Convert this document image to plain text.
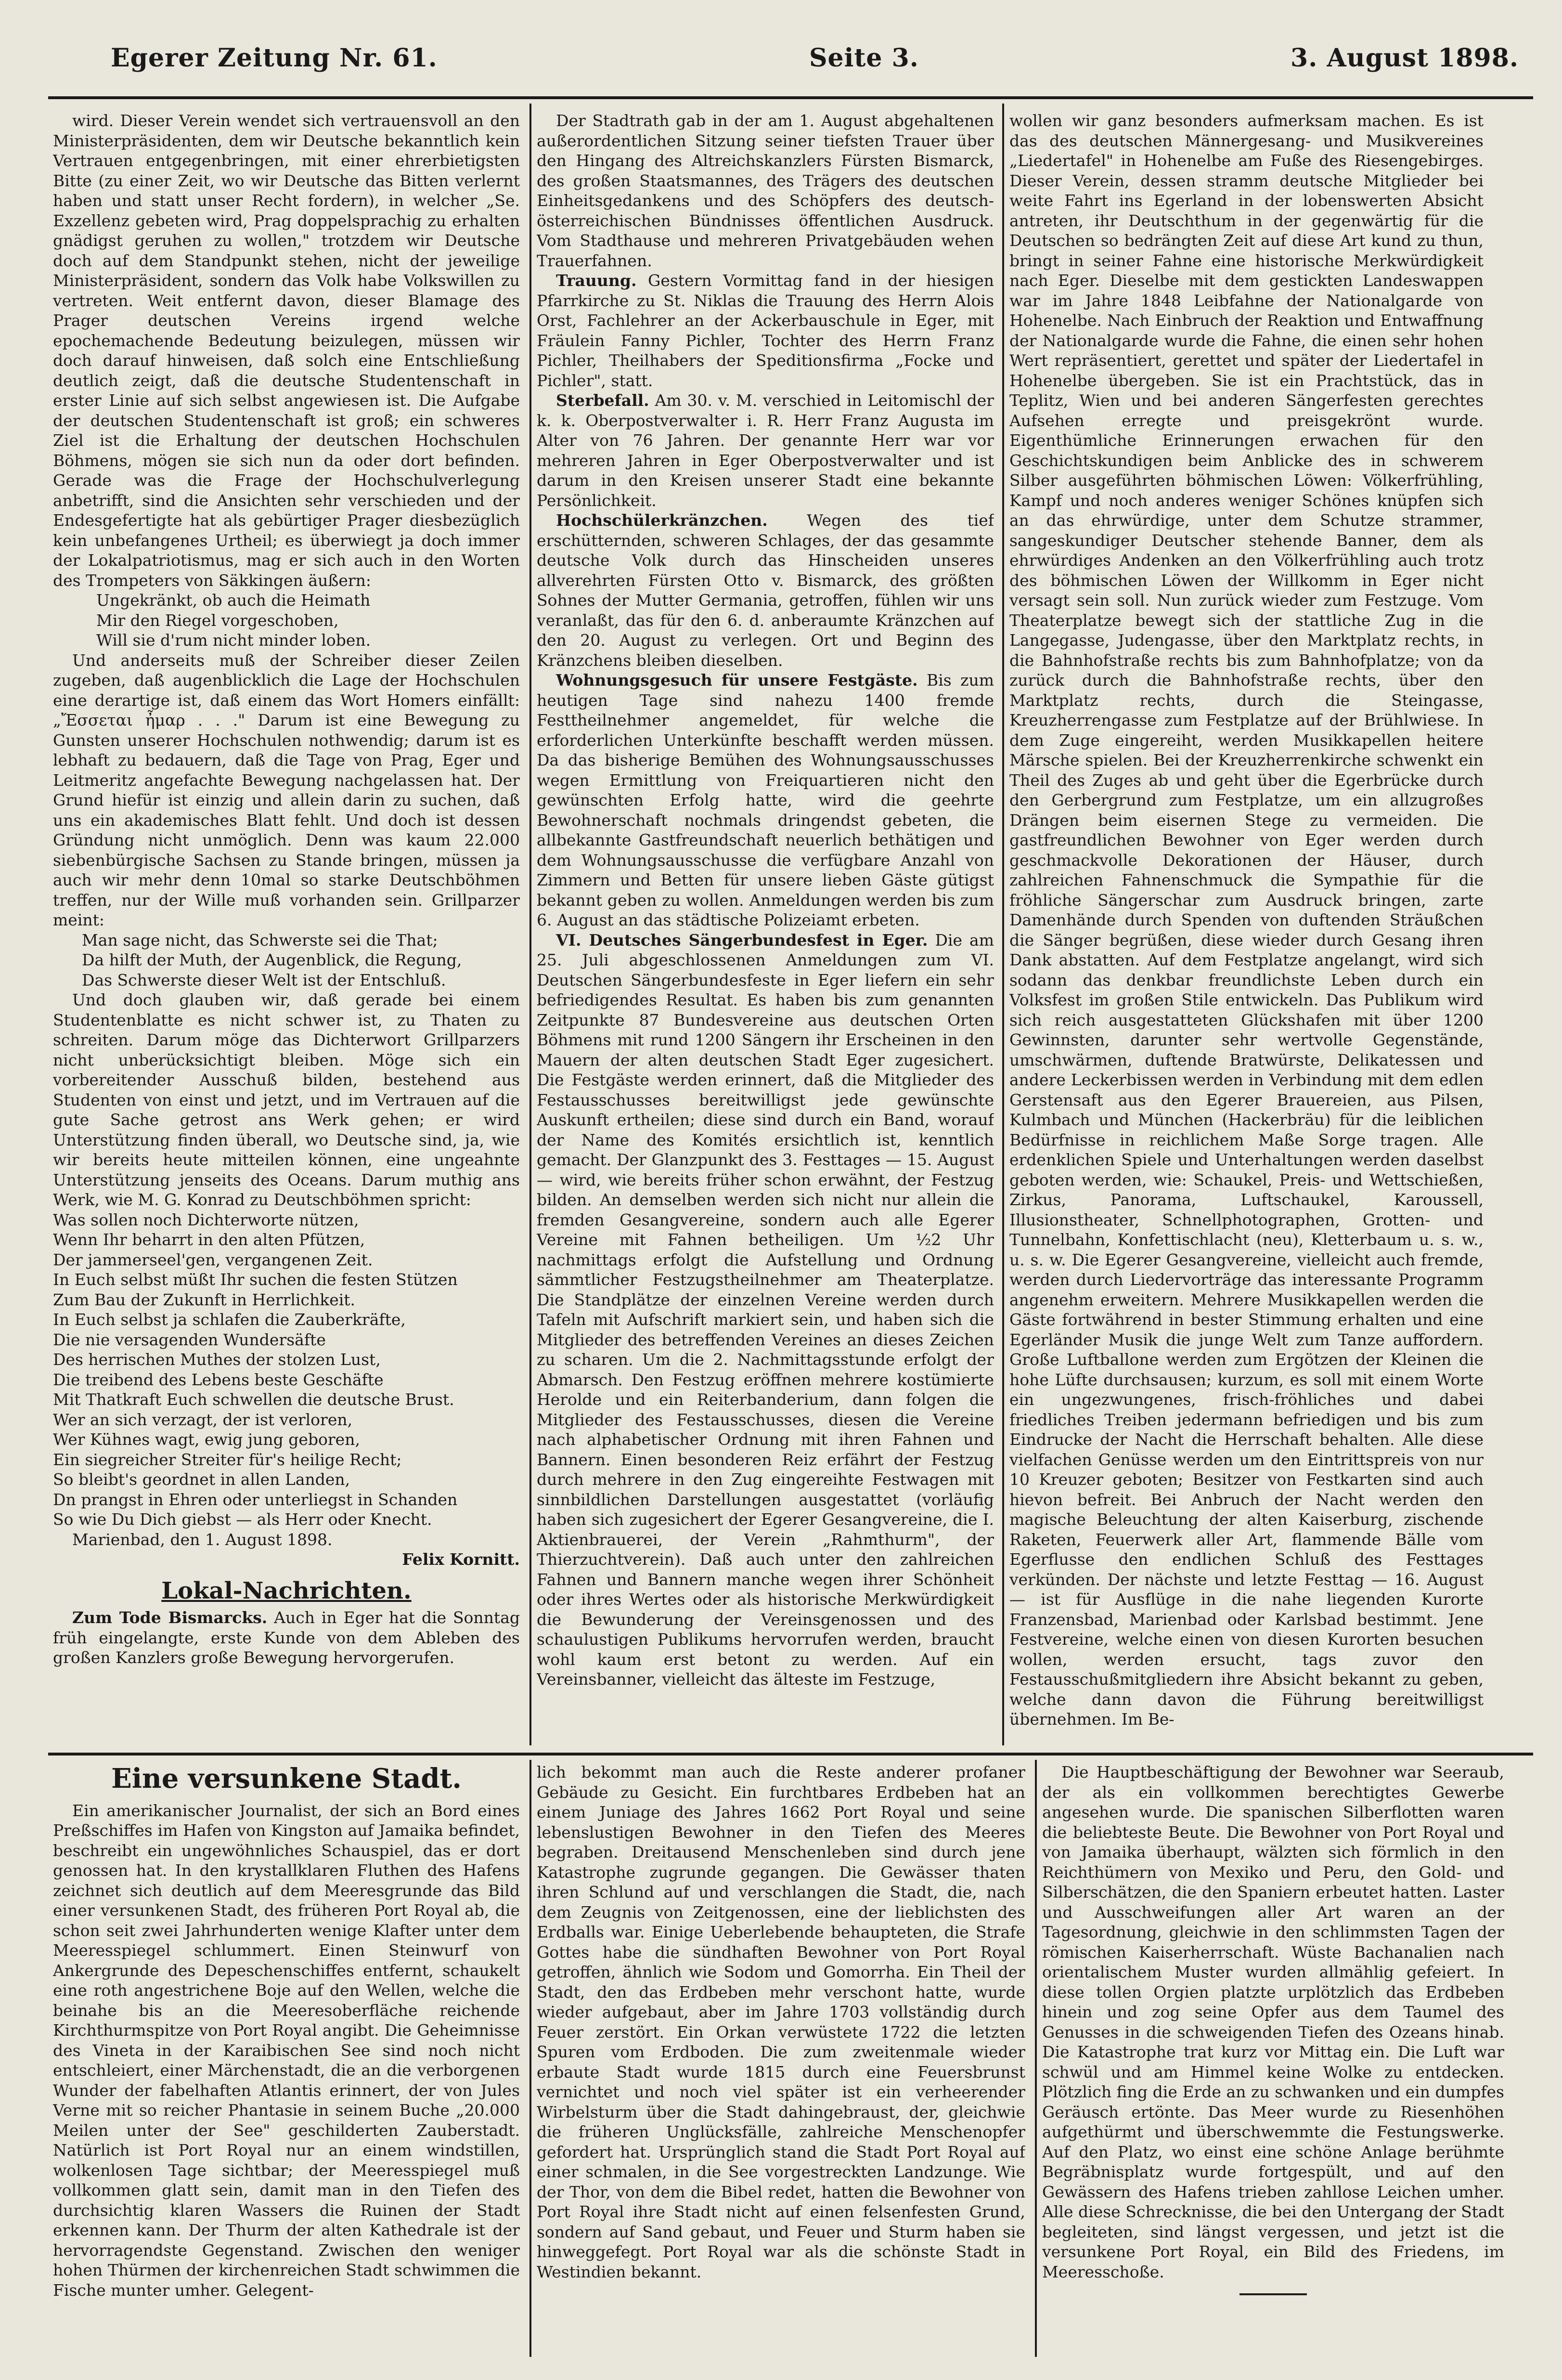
Egerer Zeitung Nr. 61.	Seite 3.	3. August 1898.

wird. Dieser Verein wendet sich vertrauensvoll an den Ministerpräsidenten, dem wir Deutsche bekanntlich kein Vertrauen entgegenbringen, mit einer ehrerbietigsten Bitte (zu einer Zeit, wo wir Deutsche das Bitten verlernt haben und statt unser Recht fordern), in welcher „Se. Exzellenz gebeten wird, Prag doppelsprachig zu erhalten gnädigst geruhen zu wollen," trotzdem wir Deutsche doch auf dem Standpunkt stehen, nicht der jeweilige Ministerpräsident, sondern das Volk habe Volkswillen zu vertreten. Weit entfernt davon, dieser Blamage des Prager deutschen Vereins irgend welche epochemachende Bedeutung beizulegen, müssen wir doch darauf hinweisen, daß solch eine Entschließung deutlich zeigt, daß die deutsche Studentenschaft in erster Linie auf sich selbst angewiesen ist. Die Aufgabe der deutschen Studentenschaft ist groß; ein schweres Ziel ist die Erhaltung der deutschen Hochschulen Böhmens, mögen sie sich nun da oder dort befinden. Gerade was die Frage der Hochschulverlegung anbetrifft, sind die Ansichten sehr verschieden und der Endesgefertigte hat als gebürtiger Prager diesbezüglich kein unbefangenes Urtheil; es überwiegt ja doch immer der Lokalpatriotismus, mag er sich auch in den Worten des Trompeters von Säkkingen äußern:

Ungekränkt, ob auch die Heimath
Mir den Riegel vorgeschoben,
Will sie d'rum nicht minder loben.

Und anderseits muß der Schreiber dieser Zeilen zugeben, daß augenblicklich die Lage der Hochschulen eine derartige ist, daß einem das Wort Homers einfällt: „Ἔσσεται ἦμαρ . . ." Darum ist eine Bewegung zu Gunsten unserer Hochschulen nothwendig; darum ist es lebhaft zu bedauern, daß die Tage von Prag, Eger und Leitmeritz angefachte Bewegung nachgelassen hat. Der Grund hiefür ist einzig und allein darin zu suchen, daß uns ein akademisches Blatt fehlt. Und doch ist dessen Gründung nicht unmöglich. Denn was kaum 22.000 siebenbürgische Sachsen zu Stande bringen, müssen ja auch wir mehr denn 10mal so starke Deutschböhmen treffen, nur der Wille muß vorhanden sein. Grillparzer meint:

Man sage nicht, das Schwerste sei die That;
Da hilft der Muth, der Augenblick, die Regung,
Das Schwerste dieser Welt ist der Entschluß.

Und doch glauben wir, daß gerade bei einem Studentenblatte es nicht schwer ist, zu Thaten zu schreiten. Darum möge das Dichterwort Grillparzers nicht unberücksichtigt bleiben. Möge sich ein vorbereitender Ausschuß bilden, bestehend aus Studenten von einst und jetzt, und im Vertrauen auf die gute Sache getrost ans Werk gehen; er wird Unterstützung finden überall, wo Deutsche sind, ja, wie wir bereits heute mitteilen können, eine ungeahnte Unterstützung jenseits des Oceans. Darum muthig ans Werk, wie M. G. Konrad zu Deutschböhmen spricht:

Was sollen noch Dichterworte nützen,
Wenn Ihr beharrt in den alten Pfützen,
Der jammerseel'gen, vergangenen Zeit.
In Euch selbst müßt Ihr suchen die festen Stützen
Zum Bau der Zukunft in Herrlichkeit.
In Euch selbst ja schlafen die Zauberkräfte,
Die nie versagenden Wundersäfte
Des herrischen Muthes der stolzen Lust,
Die treibend des Lebens beste Geschäfte
Mit Thatkraft Euch schwellen die deutsche Brust.
Wer an sich verzagt, der ist verloren,
Wer Kühnes wagt, ewig jung geboren,
Ein siegreicher Streiter für's heilige Recht;
So bleibt's geordnet in allen Landen,
Dn prangst in Ehren oder unterliegst in Schanden
So wie Du Dich giebst — als Herr oder Knecht.

Marienbad, den 1. August 1898.

Felix Kornitt.

Lokal-Nachrichten.

Zum Tode Bismarcks. Auch in Eger hat die Sonntag früh eingelangte, erste Kunde von dem Ableben des großen Kanzlers große Bewegung hervorgerufen.

Der Stadtrath gab in der am 1. August abgehaltenen außerordentlichen Sitzung seiner tiefsten Trauer über den Hingang des Altreichskanzlers Fürsten Bismarck, des großen Staatsmannes, des Trägers des deutschen Einheitsgedankens und des Schöpfers des deutsch-österreichischen Bündnisses öffentlichen Ausdruck. Vom Stadthause und mehreren Privatgebäuden wehen Trauerfahnen.

Trauung. Gestern Vormittag fand in der hiesigen Pfarrkirche zu St. Niklas die Trauung des Herrn Alois Orst, Fachlehrer an der Ackerbauschule in Eger, mit Fräulein Fanny Pichler, Tochter des Herrn Franz Pichler, Theilhabers der Speditionsfirma „Focke und Pichler", statt.

Sterbefall. Am 30. v. M. verschied in Leitomischl der k. k. Oberpostverwalter i. R. Herr Franz Augusta im Alter von 76 Jahren. Der genannte Herr war vor mehreren Jahren in Eger Oberpostverwalter und ist darum in den Kreisen unserer Stadt eine bekannte Persönlichkeit.

Hochschülerkränzchen. Wegen des tief erschütternden, schweren Schlages, der das gesammte deutsche Volk durch das Hinscheiden unseres allverehrten Fürsten Otto v. Bismarck, des größten Sohnes der Mutter Germania, getroffen, fühlen wir uns veranlaßt, das für den 6. d. anberaumte Kränzchen auf den 20. August zu verlegen. Ort und Beginn des Kränzchens bleiben dieselben.

Wohnungsgesuch für unsere Festgäste. Bis zum heutigen Tage sind nahezu 1400 fremde Festtheilnehmer angemeldet, für welche die erforderlichen Unterkünfte beschafft werden müssen. Da das bisherige Bemühen des Wohnungsausschusses wegen Ermittlung von Freiquartieren nicht den gewünschten Erfolg hatte, wird die geehrte Bewohnerschaft nochmals dringendst gebeten, die allbekannte Gastfreundschaft neuerlich bethätigen und dem Wohnungsausschusse die verfügbare Anzahl von Zimmern und Betten für unsere lieben Gäste gütigst bekannt geben zu wollen. Anmeldungen werden bis zum 6. August an das städtische Polizeiamt erbeten.

VI. Deutsches Sängerbundesfest in Eger. Die am 25. Juli abgeschlossenen Anmeldungen zum VI. Deutschen Sängerbundesfeste in Eger liefern ein sehr befriedigendes Resultat. Es haben bis zum genannten Zeitpunkte 87 Bundesvereine aus deutschen Orten Böhmens mit rund 1200 Sängern ihr Erscheinen in den Mauern der alten deutschen Stadt Eger zugesichert. Die Festgäste werden erinnert, daß die Mitglieder des Festausschusses bereitwilligst jede gewünschte Auskunft ertheilen; diese sind durch ein Band, worauf der Name des Komités ersichtlich ist, kenntlich gemacht. Der Glanzpunkt des 3. Festtages — 15. August — wird, wie bereits früher schon erwähnt, der Festzug bilden. An demselben werden sich nicht nur allein die fremden Gesangvereine, sondern auch alle Egerer Vereine mit Fahnen betheiligen. Um ½2 Uhr nachmittags erfolgt die Aufstellung und Ordnung sämmtlicher Festzugstheilnehmer am Theaterplatze. Die Standplätze der einzelnen Vereine werden durch Tafeln mit Aufschrift markiert sein, und haben sich die Mitglieder des betreffenden Vereines an dieses Zeichen zu scharen. Um die 2. Nachmittagsstunde erfolgt der Abmarsch. Den Festzug eröffnen mehrere kostümierte Herolde und ein Reiterbanderium, dann folgen die Mitglieder des Festausschusses, diesen die Vereine nach alphabetischer Ordnung mit ihren Fahnen und Bannern. Einen besonderen Reiz erfährt der Festzug durch mehrere in den Zug eingereihte Festwagen mit sinnbildlichen Darstellungen ausgestattet (vorläufig haben sich zugesichert der Egerer Gesangvereine, die I. Aktienbrauerei, der Verein „Rahmthurm", der Thierzuchtverein). Daß auch unter den zahlreichen Fahnen und Bannern manche wegen ihrer Schönheit oder ihres Wertes oder als historische Merkwürdigkeit die Bewunderung der Vereinsgenossen und des schaulustigen Publikums hervorrufen werden, braucht wohl kaum erst betont zu werden. Auf ein Vereinsbanner, vielleicht das älteste im Festzuge,

wollen wir ganz besonders aufmerksam machen. Es ist das des deutschen Männergesang- und Musikvereines „Liedertafel" in Hohenelbe am Fuße des Riesengebirges. Dieser Verein, dessen stramm deutsche Mitglieder bei weite Fahrt ins Egerland in der lobenswerten Absicht antreten, ihr Deutschthum in der gegenwärtig für die Deutschen so bedrängten Zeit auf diese Art kund zu thun, bringt in seiner Fahne eine historische Merkwürdigkeit nach Eger. Dieselbe mit dem gestickten Landeswappen war im Jahre 1848 Leibfahne der Nationalgarde von Hohenelbe. Nach Einbruch der Reaktion und Entwaffnung der Nationalgarde wurde die Fahne, die einen sehr hohen Wert repräsentiert, gerettet und später der Liedertafel in Hohenelbe übergeben. Sie ist ein Prachtstück, das in Teplitz, Wien und bei anderen Sängerfesten gerechtes Aufsehen erregte und preisgekrönt wurde. Eigenthümliche Erinnerungen erwachen für den Geschichtskundigen beim Anblicke des in schwerem Silber ausgeführten böhmischen Löwen: Völkerfrühling, Kampf und noch anderes weniger Schönes knüpfen sich an das ehrwürdige, unter dem Schutze strammer, sangeskundiger Deutscher stehende Banner, dem als ehrwürdiges Andenken an den Völkerfrühling auch trotz des böhmischen Löwen der Willkomm in Eger nicht versagt sein soll. Nun zurück wieder zum Festzuge. Vom Theaterplatze bewegt sich der stattliche Zug in die Langegasse, Judengasse, über den Marktplatz rechts, in die Bahnhofstraße rechts bis zum Bahnhofplatze; von da zurück durch die Bahnhofstraße rechts, über den Marktplatz rechts, durch die Steingasse, Kreuzherrengasse zum Festplatze auf der Brühlwiese. In dem Zuge eingereiht, werden Musikkapellen heitere Märsche spielen. Bei der Kreuzherrenkirche schwenkt ein Theil des Zuges ab und geht über die Egerbrücke durch den Gerbergrund zum Festplatze, um ein allzugroßes Drängen beim eisernen Stege zu vermeiden. Die gastfreundlichen Bewohner von Eger werden durch geschmackvolle Dekorationen der Häuser, durch zahlreichen Fahnenschmuck die Sympathie für die fröhliche Sängerschar zum Ausdruck bringen, zarte Damenhände durch Spenden von duftenden Sträußchen die Sänger begrüßen, diese wieder durch Gesang ihren Dank abstatten. Auf dem Festplatze angelangt, wird sich sodann das denkbar freundlichste Leben durch ein Volksfest im großen Stile entwickeln. Das Publikum wird sich reich ausgestatteten Glückshafen mit über 1200 Gewinnsten, darunter sehr wertvolle Gegenstände, umschwärmen, duftende Bratwürste, Delikatessen und andere Leckerbissen werden in Verbindung mit dem edlen Gerstensaft aus den Egerer Brauereien, aus Pilsen, Kulmbach und München (Hackerbräu) für die leiblichen Bedürfnisse in reichlichem Maße Sorge tragen. Alle erdenklichen Spiele und Unterhaltungen werden daselbst geboten werden, wie: Schaukel, Preis- und Wettschießen, Zirkus, Panorama, Luftschaukel, Karoussell, Illusionstheater, Schnellphotographen, Grotten- und Tunnelbahn, Konfettischlacht (neu), Kletterbaum u. s. w., u. s. w. Die Egerer Gesangvereine, vielleicht auch fremde, werden durch Liedervorträge das interessante Programm angenehm erweitern. Mehrere Musikkapellen werden die Gäste fortwährend in bester Stimmung erhalten und eine Egerländer Musik die junge Welt zum Tanze auffordern. Große Luftballone werden zum Ergötzen der Kleinen die hohe Lüfte durchsausen; kurzum, es soll mit einem Worte ein ungezwungenes, frisch-fröhliches und dabei friedliches Treiben jedermann befriedigen und bis zum Eindrucke der Nacht die Herrschaft behalten. Alle diese vielfachen Genüsse werden um den Eintrittspreis von nur 10 Kreuzer geboten; Besitzer von Festkarten sind auch hievon befreit. Bei Anbruch der Nacht werden den magische Beleuchtung der alten Kaiserburg, zischende Raketen, Feuerwerk aller Art, flammende Bälle vom Egerflusse den endlichen Schluß des Festtages verkünden. Der nächste und letzte Festtag — 16. August — ist für Ausflüge in die nahe liegenden Kurorte Franzensbad, Marienbad oder Karlsbad bestimmt. Jene Festvereine, welche einen von diesen Kurorten besuchen wollen, werden ersucht, tags zuvor den Festausschußmitgliedern ihre Absicht bekannt zu geben, welche dann davon die Führung bereitwilligst übernehmen. Im Be-

Eine versunkene Stadt.

Ein amerikanischer Journalist, der sich an Bord eines Preßschiffes im Hafen von Kingston auf Jamaika befindet, beschreibt ein ungewöhnliches Schauspiel, das er dort genossen hat. In den krystallklaren Fluthen des Hafens zeichnet sich deutlich auf dem Meeresgrunde das Bild einer versunkenen Stadt, des früheren Port Royal ab, die schon seit zwei Jahrhunderten wenige Klafter unter dem Meeresspiegel schlummert. Einen Steinwurf von Ankergrunde des Depeschenschiffes entfernt, schaukelt eine roth angestrichene Boje auf den Wellen, welche die beinahe bis an die Meeresoberfläche reichende Kirchthurmspitze von Port Royal angibt. Die Geheimnisse des Vineta in der Karaibischen See sind noch nicht entschleiert, einer Märchenstadt, die an die verborgenen Wunder der fabelhaften Atlantis erinnert, der von Jules Verne mit so reicher Phantasie in seinem Buche „20.000 Meilen unter der See" geschilderten Zauberstadt. Natürlich ist Port Royal nur an einem windstillen, wolkenlosen Tage sichtbar; der Meeresspiegel muß vollkommen glatt sein, damit man in den Tiefen des durchsichtig klaren Wassers die Ruinen der Stadt erkennen kann. Der Thurm der alten Kathedrale ist der hervorragendste Gegenstand. Zwischen den weniger hohen Thürmen der kirchenreichen Stadt schwimmen die Fische munter umher. Gelegent-

lich bekommt man auch die Reste anderer profaner Gebäude zu Gesicht. Ein furchtbares Erdbeben hat an einem Juniage des Jahres 1662 Port Royal und seine lebenslustigen Bewohner in den Tiefen des Meeres begraben. Dreitausend Menschenleben sind durch jene Katastrophe zugrunde gegangen. Die Gewässer thaten ihren Schlund auf und verschlangen die Stadt, die, nach dem Zeugnis von Zeitgenossen, eine der lieblichsten des Erdballs war. Einige Ueberlebende behaupteten, die Strafe Gottes habe die sündhaften Bewohner von Port Royal getroffen, ähnlich wie Sodom und Gomorrha. Ein Theil der Stadt, den das Erdbeben mehr verschont hatte, wurde wieder aufgebaut, aber im Jahre 1703 vollständig durch Feuer zerstört. Ein Orkan verwüstete 1722 die letzten Spuren vom Erdboden. Die zum zweitenmale wieder erbaute Stadt wurde 1815 durch eine Feuersbrunst vernichtet und noch viel später ist ein verheerender Wirbelsturm über die Stadt dahingebraust, der, gleichwie die früheren Unglücksfälle, zahlreiche Menschenopfer gefordert hat. Ursprünglich stand die Stadt Port Royal auf einer schmalen, in die See vorgestreckten Landzunge. Wie der Thor, von dem die Bibel redet, hatten die Bewohner von Port Royal ihre Stadt nicht auf einen felsenfesten Grund, sondern auf Sand gebaut, und Feuer und Sturm haben sie hinweggefegt. Port Royal war als die schönste Stadt in Westindien bekannt.

Die Hauptbeschäftigung der Bewohner war Seeraub, der als ein vollkommen berechtigtes Gewerbe angesehen wurde. Die spanischen Silberflotten waren die beliebteste Beute. Die Bewohner von Port Royal und von Jamaika überhaupt, wälzten sich förmlich in den Reichthümern von Mexiko und Peru, den Gold- und Silberschätzen, die den Spaniern erbeutet hatten. Laster und Ausschweifungen aller Art waren an der Tagesordnung, gleichwie in den schlimmsten Tagen der römischen Kaiserherrschaft. Wüste Bachanalien nach orientalischem Muster wurden allmählig gefeiert. In diese tollen Orgien platzte urplötzlich das Erdbeben hinein und zog seine Opfer aus dem Taumel des Genusses in die schweigenden Tiefen des Ozeans hinab. Die Katastrophe trat kurz vor Mittag ein. Die Luft war schwül und am Himmel keine Wolke zu entdecken. Plötzlich fing die Erde an zu schwanken und ein dumpfes Geräusch ertönte. Das Meer wurde zu Riesenhöhen aufgethürmt und überschwemmte die Festungswerke. Auf den Platz, wo einst eine schöne Anlage berühmte Begräbnisplatz wurde fortgespült, und auf den Gewässern des Hafens trieben zahllose Leichen umher. Alle diese Schrecknisse, die bei den Untergang der Stadt begleiteten, sind längst vergessen, und jetzt ist die versunkene Port Royal, ein Bild des Friedens, im Meeresschoße.
